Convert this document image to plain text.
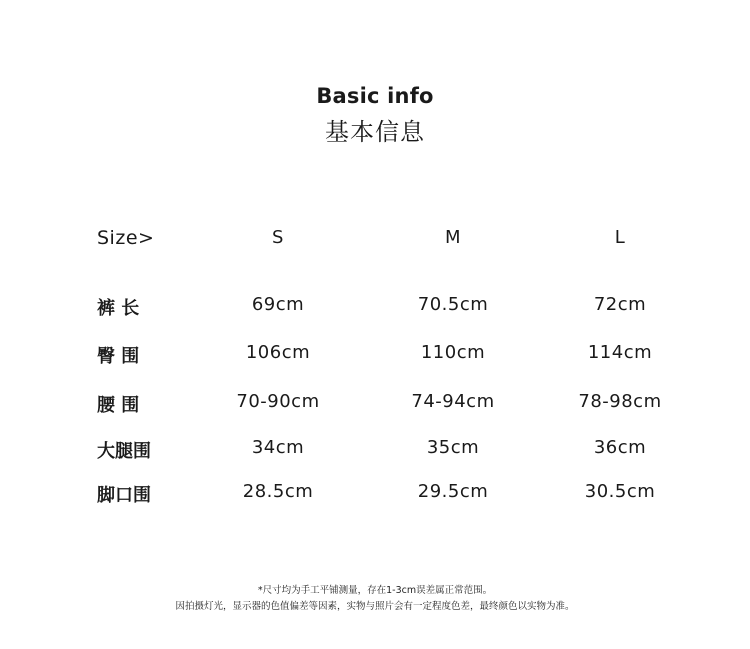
Basic info
基本信息
Size>	S	M	L
裤 长	69cm	70.5cm	72cm
臀 围	106cm	110cm	114cm
腰 围	70-90cm	74-94cm	78-98cm
大腿围	34cm	35cm	36cm
脚口围	28.5cm	29.5cm	30.5cm
*尺寸均为手工平铺测量，存在1-3cm误差属正常范围。
因拍摄灯光，显示器的色值偏差等因素，实物与照片会有一定程度色差，最终颜色以实物为准。
